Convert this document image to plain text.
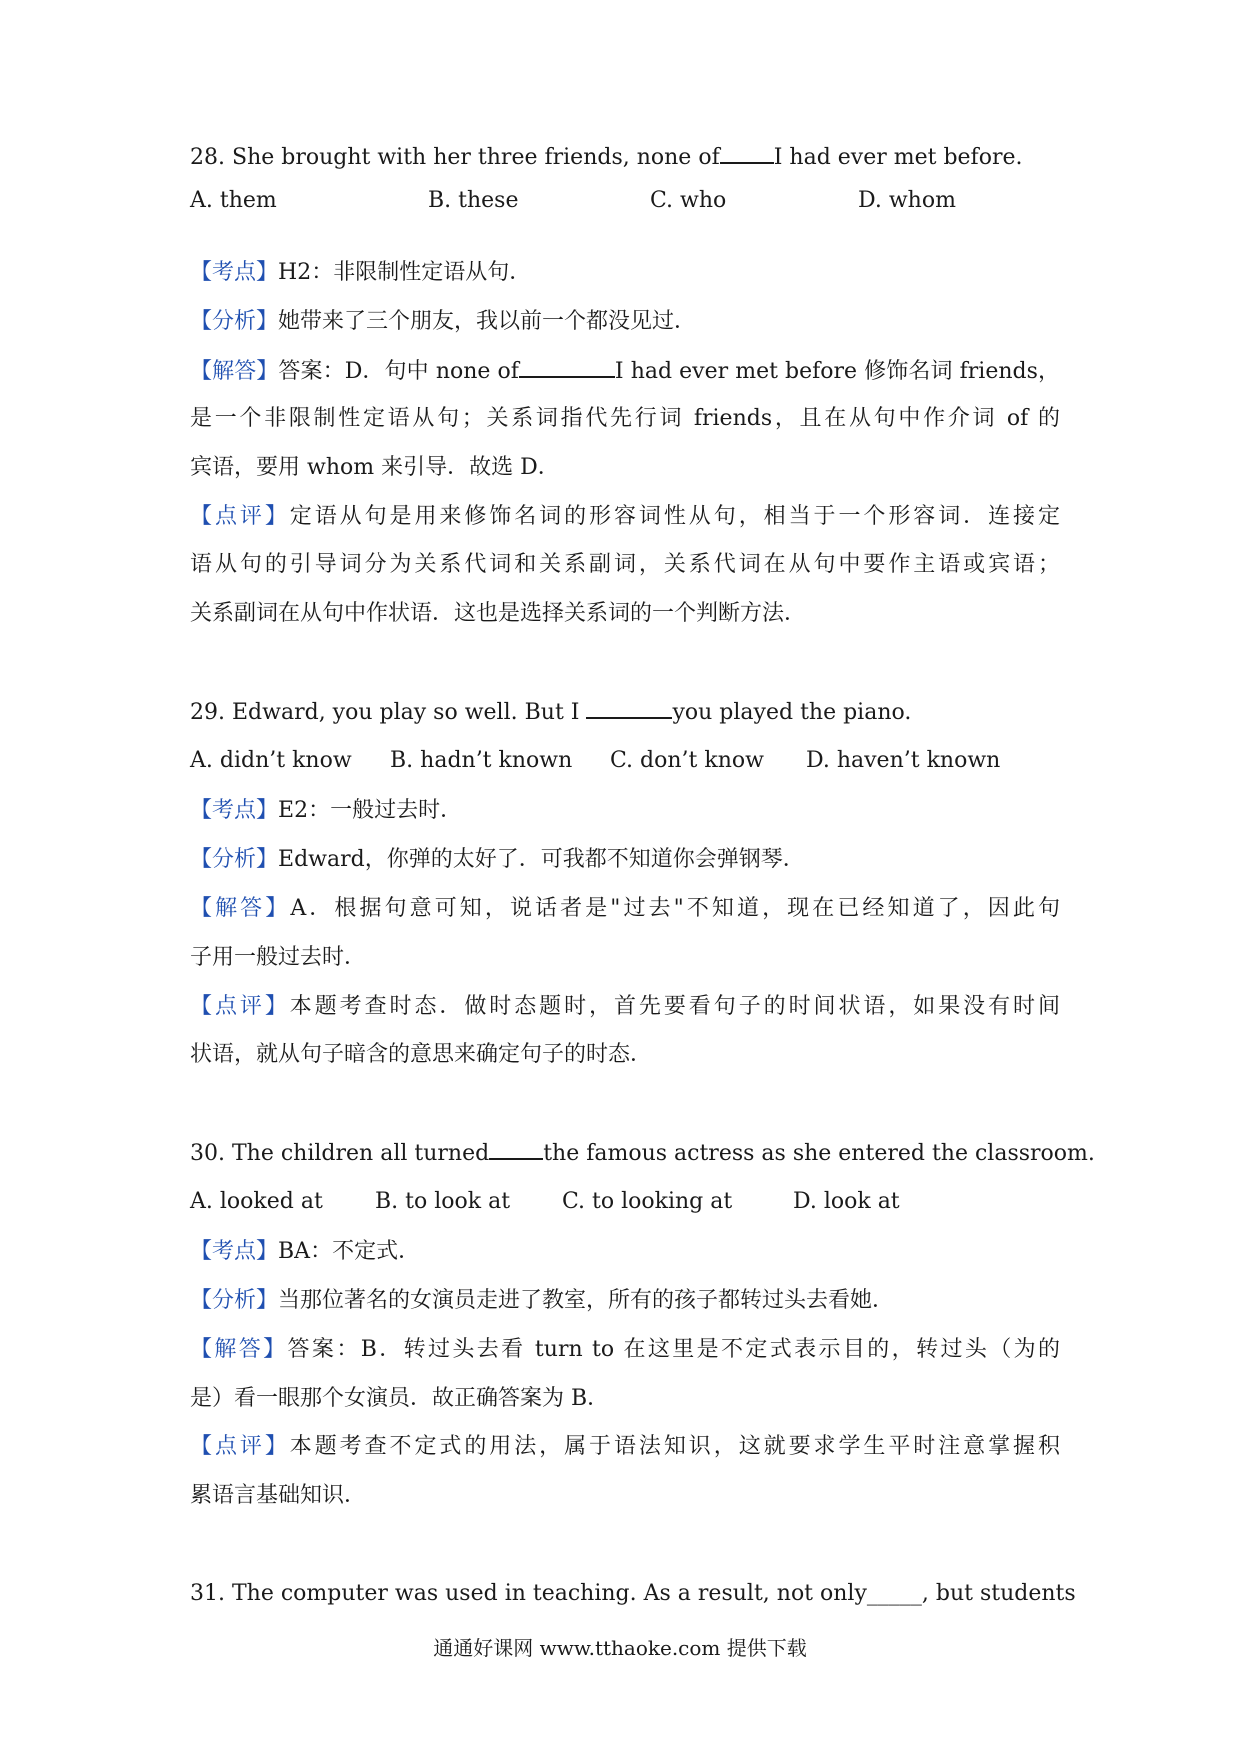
28. She brought with her three friends, none of I had ever met before.
A. them	B. these	C. who	D. whom
【考点】H2：非限制性定语从句．
【分析】她带来了三个朋友，我以前一个都没见过．
【解答】答案：D．句中 none of	I had ever met before 修饰名词 friends，
是一个非限制性定语从句；关系词指代先行词 friends，且在从句中作介词 of 的
宾语，要用 whom 来引导．故选 D．
【点评】定语从句是用来修饰名词的形容词性从句，相当于一个形容词．连接定
语从句的引导词分为关系代词和关系副词，关系代词在从句中要作主语或宾语；
关系副词在从句中作状语．这也是选择关系词的一个判断方法．
29. Edward, you play so well. But I	you played the piano.
A. didn’t know B. hadn’t known C. don’t know D. haven’t known
【考点】E2：一般过去时．
【分析】Edward，你弹的太好了．可我都不知道你会弹钢琴．
【解答】A．根据句意可知，说话者是"过去"不知道，现在已经知道了，因此句
子用一般过去时．
【点评】本题考查时态．做时态题时，首先要看句子的时间状语，如果没有时间
状语，就从句子暗含的意思来确定句子的时态．
30. The children all turned the famous actress as she entered the classroom.
A. looked at B. to look at C. to looking at	D. look at
【考点】BA：不定式．
【分析】当那位著名的女演员走进了教室，所有的孩子都转过头去看她．
【解答】答案：B．转过头去看 turn to 在这里是不定式表示目的，转过头（为的
是）看一眼那个女演员．故正确答案为 B．
【点评】本题考查不定式的用法，属于语法知识，这就要求学生平时注意掌握积
累语言基础知识．
31. The computer was used in teaching. As a result, not only_____, but students
通通好课网 www.tthaoke.com 提供下载
